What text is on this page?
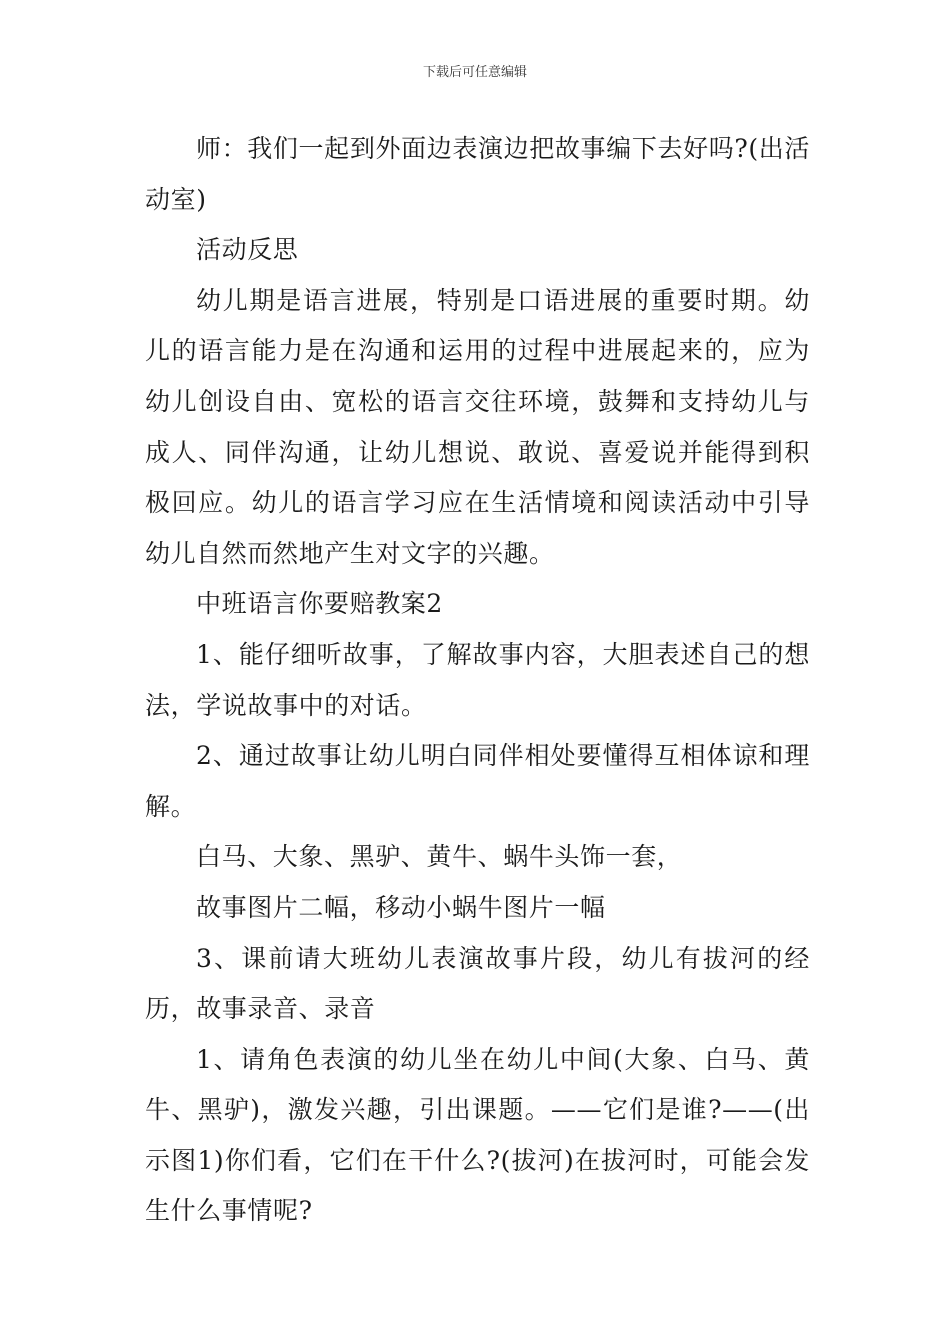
下载后可任意编辑

师：我们一起到外面边表演边把故事编下去好吗?(出活动室)

活动反思

幼儿期是语言进展，特别是口语进展的重要时期。幼儿的语言能力是在沟通和运用的过程中进展起来的，应为幼儿创设自由、宽松的语言交往环境，鼓舞和支持幼儿与成人、同伴沟通，让幼儿想说、敢说、喜爱说并能得到积极回应。幼儿的语言学习应在生活情境和阅读活动中引导幼儿自然而然地产生对文字的兴趣。

中班语言你要赔教案2

1、能仔细听故事，了解故事内容，大胆表述自己的想法，学说故事中的对话。

2、通过故事让幼儿明白同伴相处要懂得互相体谅和理解。

白马、大象、黑驴、黄牛、蜗牛头饰一套，

故事图片二幅，移动小蜗牛图片一幅

3、课前请大班幼儿表演故事片段，幼儿有拔河的经历，故事录音、录音

1、请角色表演的幼儿坐在幼儿中间(大象、白马、黄牛、黑驴)，激发兴趣，引出课题。——它们是谁?——(出示图1)你们看，它们在干什么?(拔河)在拔河时，可能会发生什么事情呢?
